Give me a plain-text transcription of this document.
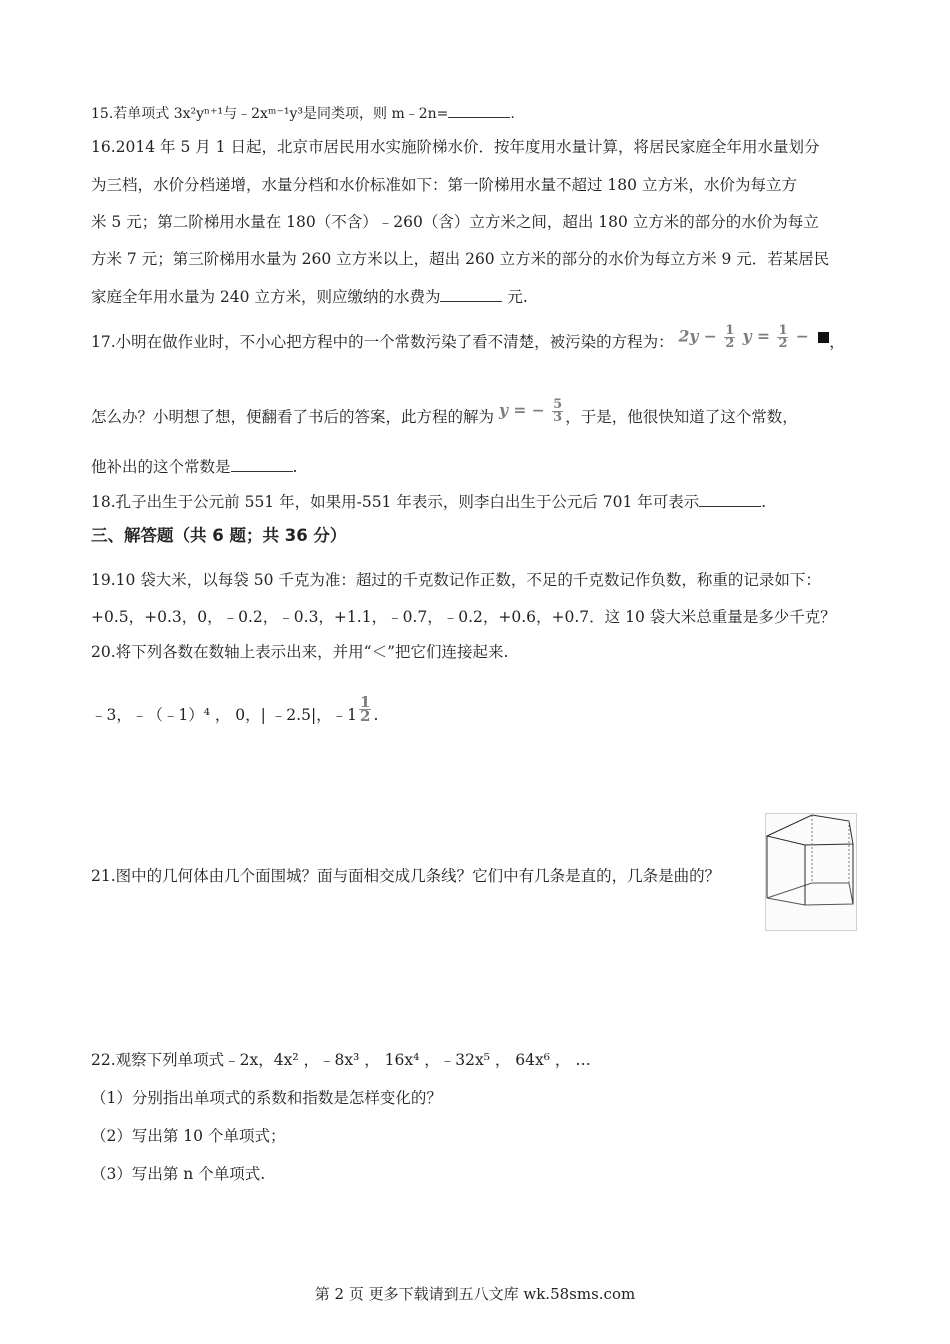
15.若单项式 3x²yⁿ⁺¹与﹣2xᵐ⁻¹y³是同类项，则 m﹣2n=	.
16.2014 年 5 月 1 日起，北京市居民用水实施阶梯水价．按年度用水量计算，将居民家庭全年用水量划分
为三档，水价分档递增，水量分档和水价标准如下：第一阶梯用水量不超过 180 立方米，水价为每立方
米 5 元；第二阶梯用水量在 180（不含）﹣260（含）立方米之间，超出 180 立方米的部分的水价为每立
方米 7 元；第三阶梯用水量为 260 立方米以上，超出 260 立方米的部分的水价为每立方米 9 元．若某居民
家庭全年用水量为 240 立方米，则应缴纳的水费为	元.
17.小明在做作业时，不小心把方程中的一个常数污染了看不清楚，被污染的方程为： $2y - \frac{1}{2}$ $y = \frac{1}{2}$ − ，
怎么办？小明想了想，便翻看了书后的答案，此方程的解为 y = − $\frac{5}{3}$ ，于是，他很快知道了这个常数，
他补出的这个常数是	.
18.孔子出生于公元前 551 年，如果用-551 年表示，则李白出生于公元后 701 年可表示	.
三、解答题（共 6 题；共 36 分）
19.10 袋大米，以每袋 50 千克为准：超过的千克数记作正数，不足的千克数记作负数，称重的记录如下：
+0.5，+0.3，0，﹣0.2，﹣0.3，+1.1，﹣0.7，﹣0.2，+0.6，+0.7．这 10 袋大米总重量是多少千克？
20.将下列各数在数轴上表示出来，并用“＜”把它们连接起来.
﹣3，﹣（﹣1）⁴ ， 0，| ﹣2.5|，﹣1 $\frac{1}{2}$ .
21.图中的几何体由几个面围城？面与面相交成几条线？它们中有几条是直的，几条是曲的？
22.观察下列单项式﹣2x，4x² ，﹣8x³ ， 16x⁴ ，﹣32x⁵ ， 64x⁶ ， …
（1）分别指出单项式的系数和指数是怎样变化的？
（2）写出第 10 个单项式；
（3）写出第 n 个单项式.
第 2 页 更多下载请到五八文库 wk.58sms.com
